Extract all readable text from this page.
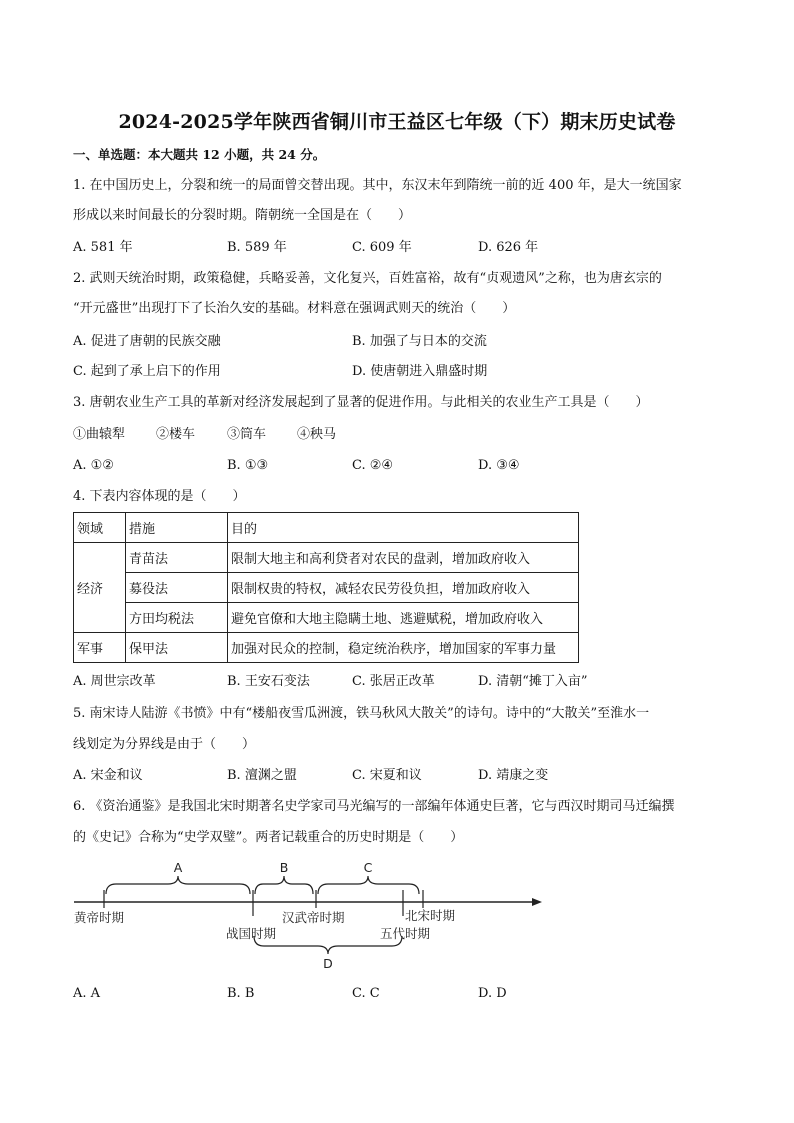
2024-2025学年陕西省铜川市王益区七年级（下）期末历史试卷
一、单选题：本大题共 12 小题，共 24 分。
1. 在中国历史上，分裂和统一的局面曾交替出现。其中，东汉末年到隋统一前的近 400 年，是大一统国家
形成以来时间最长的分裂时期。隋朝统一全国是在（　　）
A. 581 年	B. 589 年	C. 609 年	D. 626 年
2. 武则天统治时期，政策稳健，兵略妥善，文化复兴，百姓富裕，故有“贞观遗风”之称，也为唐玄宗的
“开元盛世”出现打下了长治久安的基础。材料意在强调武则天的统治（　　）
A. 促进了唐朝的民族交融	B. 加强了与日本的交流
C. 起到了承上启下的作用	D. 使唐朝进入鼎盛时期
3. 唐朝农业生产工具的革新对经济发展起到了显著的促进作用。与此相关的农业生产工具是（　　）
①曲辕犁 ②楼车 ③筒车 ④秧马
A. ①②	B. ①③	C. ②④	D. ③④
4. 下表内容体现的是（　　）
领域	措施	目的
经济	青苗法	限制大地主和高利贷者对农民的盘剥，增加政府收入
	募役法	限制权贵的特权，减轻农民劳役负担，增加政府收入
	方田均税法	避免官僚和大地主隐瞒土地、逃避赋税，增加政府收入
军事	保甲法	加强对民众的控制，稳定统治秩序，增加国家的军事力量
A. 周世宗改革	B. 王安石变法	C. 张居正改革	D. 清朝“摊丁入亩”
5. 南宋诗人陆游《书愤》中有“楼船夜雪瓜洲渡，铁马秋风大散关”的诗句。诗中的“大散关”至淮水一
线划定为分界线是由于（　　）
A. 宋金和议	B. 澶渊之盟	C. 宋夏和议	D. 靖康之变
6. 《资治通鉴》是我国北宋时期著名史学家司马光编写的一部编年体通史巨著，它与西汉时期司马迁编撰
的《史记》合称为“史学双璧”。两者记载重合的历史时期是（　　）
A	B	C
D
黄帝时期
战国时期
汉武帝时期
五代时期
北宋时期
A. A	B. B	C. C	D. D
